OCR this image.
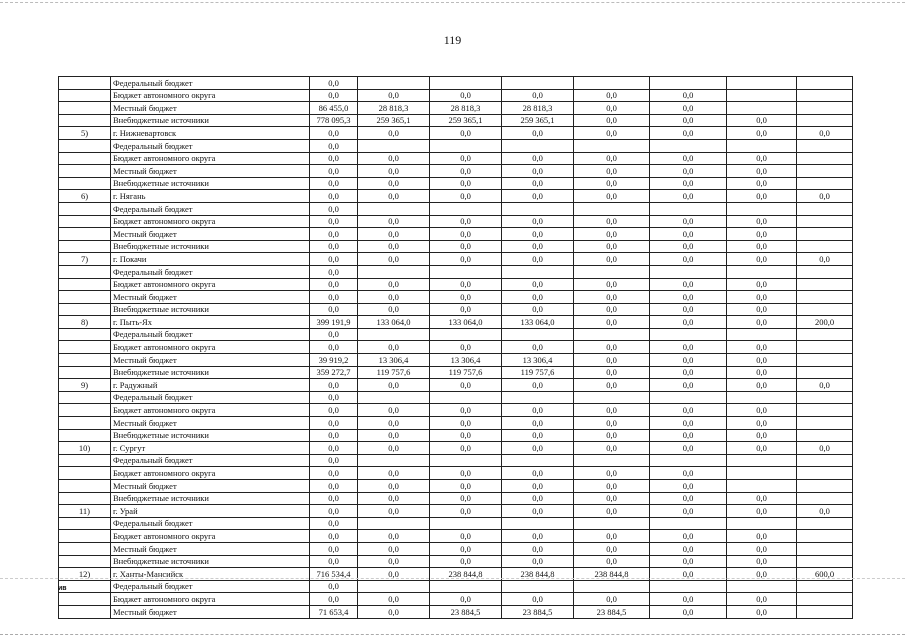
119
	Федеральный бюджет	0,0							
	Бюджет автономного округа	0,0	0,0	0,0	0,0	0,0	0,0		
	Местный бюджет	86 455,0	28 818,3	28 818,3	28 818,3	0,0	0,0		
	Внебюджетные источники	778 095,3	259 365,1	259 365,1	259 365,1	0,0	0,0	0,0	
5)	г. Нижневартовск	0,0	0,0	0,0	0,0	0,0	0,0	0,0	0,0
	Федеральный бюджет	0,0							
	Бюджет автономного округа	0,0	0,0	0,0	0,0	0,0	0,0	0,0	
	Местный бюджет	0,0	0,0	0,0	0,0	0,0	0,0	0,0	
	Внебюджетные источники	0,0	0,0	0,0	0,0	0,0	0,0	0,0	
6)	г. Нягань	0,0	0,0	0,0	0,0	0,0	0,0	0,0	0,0
	Федеральный бюджет	0,0							
	Бюджет автономного округа	0,0	0,0	0,0	0,0	0,0	0,0	0,0	
	Местный бюджет	0,0	0,0	0,0	0,0	0,0	0,0	0,0	
	Внебюджетные источники	0,0	0,0	0,0	0,0	0,0	0,0	0,0	
7)	г. Покачи	0,0	0,0	0,0	0,0	0,0	0,0	0,0	0,0
	Федеральный бюджет	0,0							
	Бюджет автономного округа	0,0	0,0	0,0	0,0	0,0	0,0	0,0	
	Местный бюджет	0,0	0,0	0,0	0,0	0,0	0,0	0,0	
	Внебюджетные источники	0,0	0,0	0,0	0,0	0,0	0,0	0,0	
8)	г. Пыть-Ях	399 191,9	133 064,0	133 064,0	133 064,0	0,0	0,0	0,0	200,0
	Федеральный бюджет	0,0							
	Бюджет автономного округа	0,0	0,0	0,0	0,0	0,0	0,0	0,0	
	Местный бюджет	39 919,2	13 306,4	13 306,4	13 306,4	0,0	0,0	0,0	
	Внебюджетные источники	359 272,7	119 757,6	119 757,6	119 757,6	0,0	0,0	0,0	
9)	г. Радужный	0,0	0,0	0,0	0,0	0,0	0,0	0,0	0,0
	Федеральный бюджет	0,0							
	Бюджет автономного округа	0,0	0,0	0,0	0,0	0,0	0,0	0,0	
	Местный бюджет	0,0	0,0	0,0	0,0	0,0	0,0	0,0	
	Внебюджетные источники	0,0	0,0	0,0	0,0	0,0	0,0	0,0	
10)	г. Сургут	0,0	0,0	0,0	0,0	0,0	0,0	0,0	0,0
	Федеральный бюджет	0,0							
	Бюджет автономного округа	0,0	0,0	0,0	0,0	0,0	0,0		
	Местный бюджет	0,0	0,0	0,0	0,0	0,0	0,0		
	Внебюджетные источники	0,0	0,0	0,0	0,0	0,0	0,0	0,0	
11)	г. Урай	0,0	0,0	0,0	0,0	0,0	0,0	0,0	0,0
	Федеральный бюджет	0,0							
	Бюджет автономного округа	0,0	0,0	0,0	0,0	0,0	0,0	0,0	
	Местный бюджет	0,0	0,0	0,0	0,0	0,0	0,0	0,0	
	Внебюджетные источники	0,0	0,0	0,0	0,0	0,0	0,0	0,0	
12)	г. Ханты-Мансийск	716 534,4	0,0	238 844,8	238 844,8	238 844,8	0,0	0,0	600,0
	Федеральный бюджет	0,0							
	Бюджет автономного округа	0,0	0,0	0,0	0,0	0,0	0,0	0,0	
	Местный бюджет	71 653,4	0,0	23 884,5	23 884,5	23 884,5	0,0	0,0	
ив
